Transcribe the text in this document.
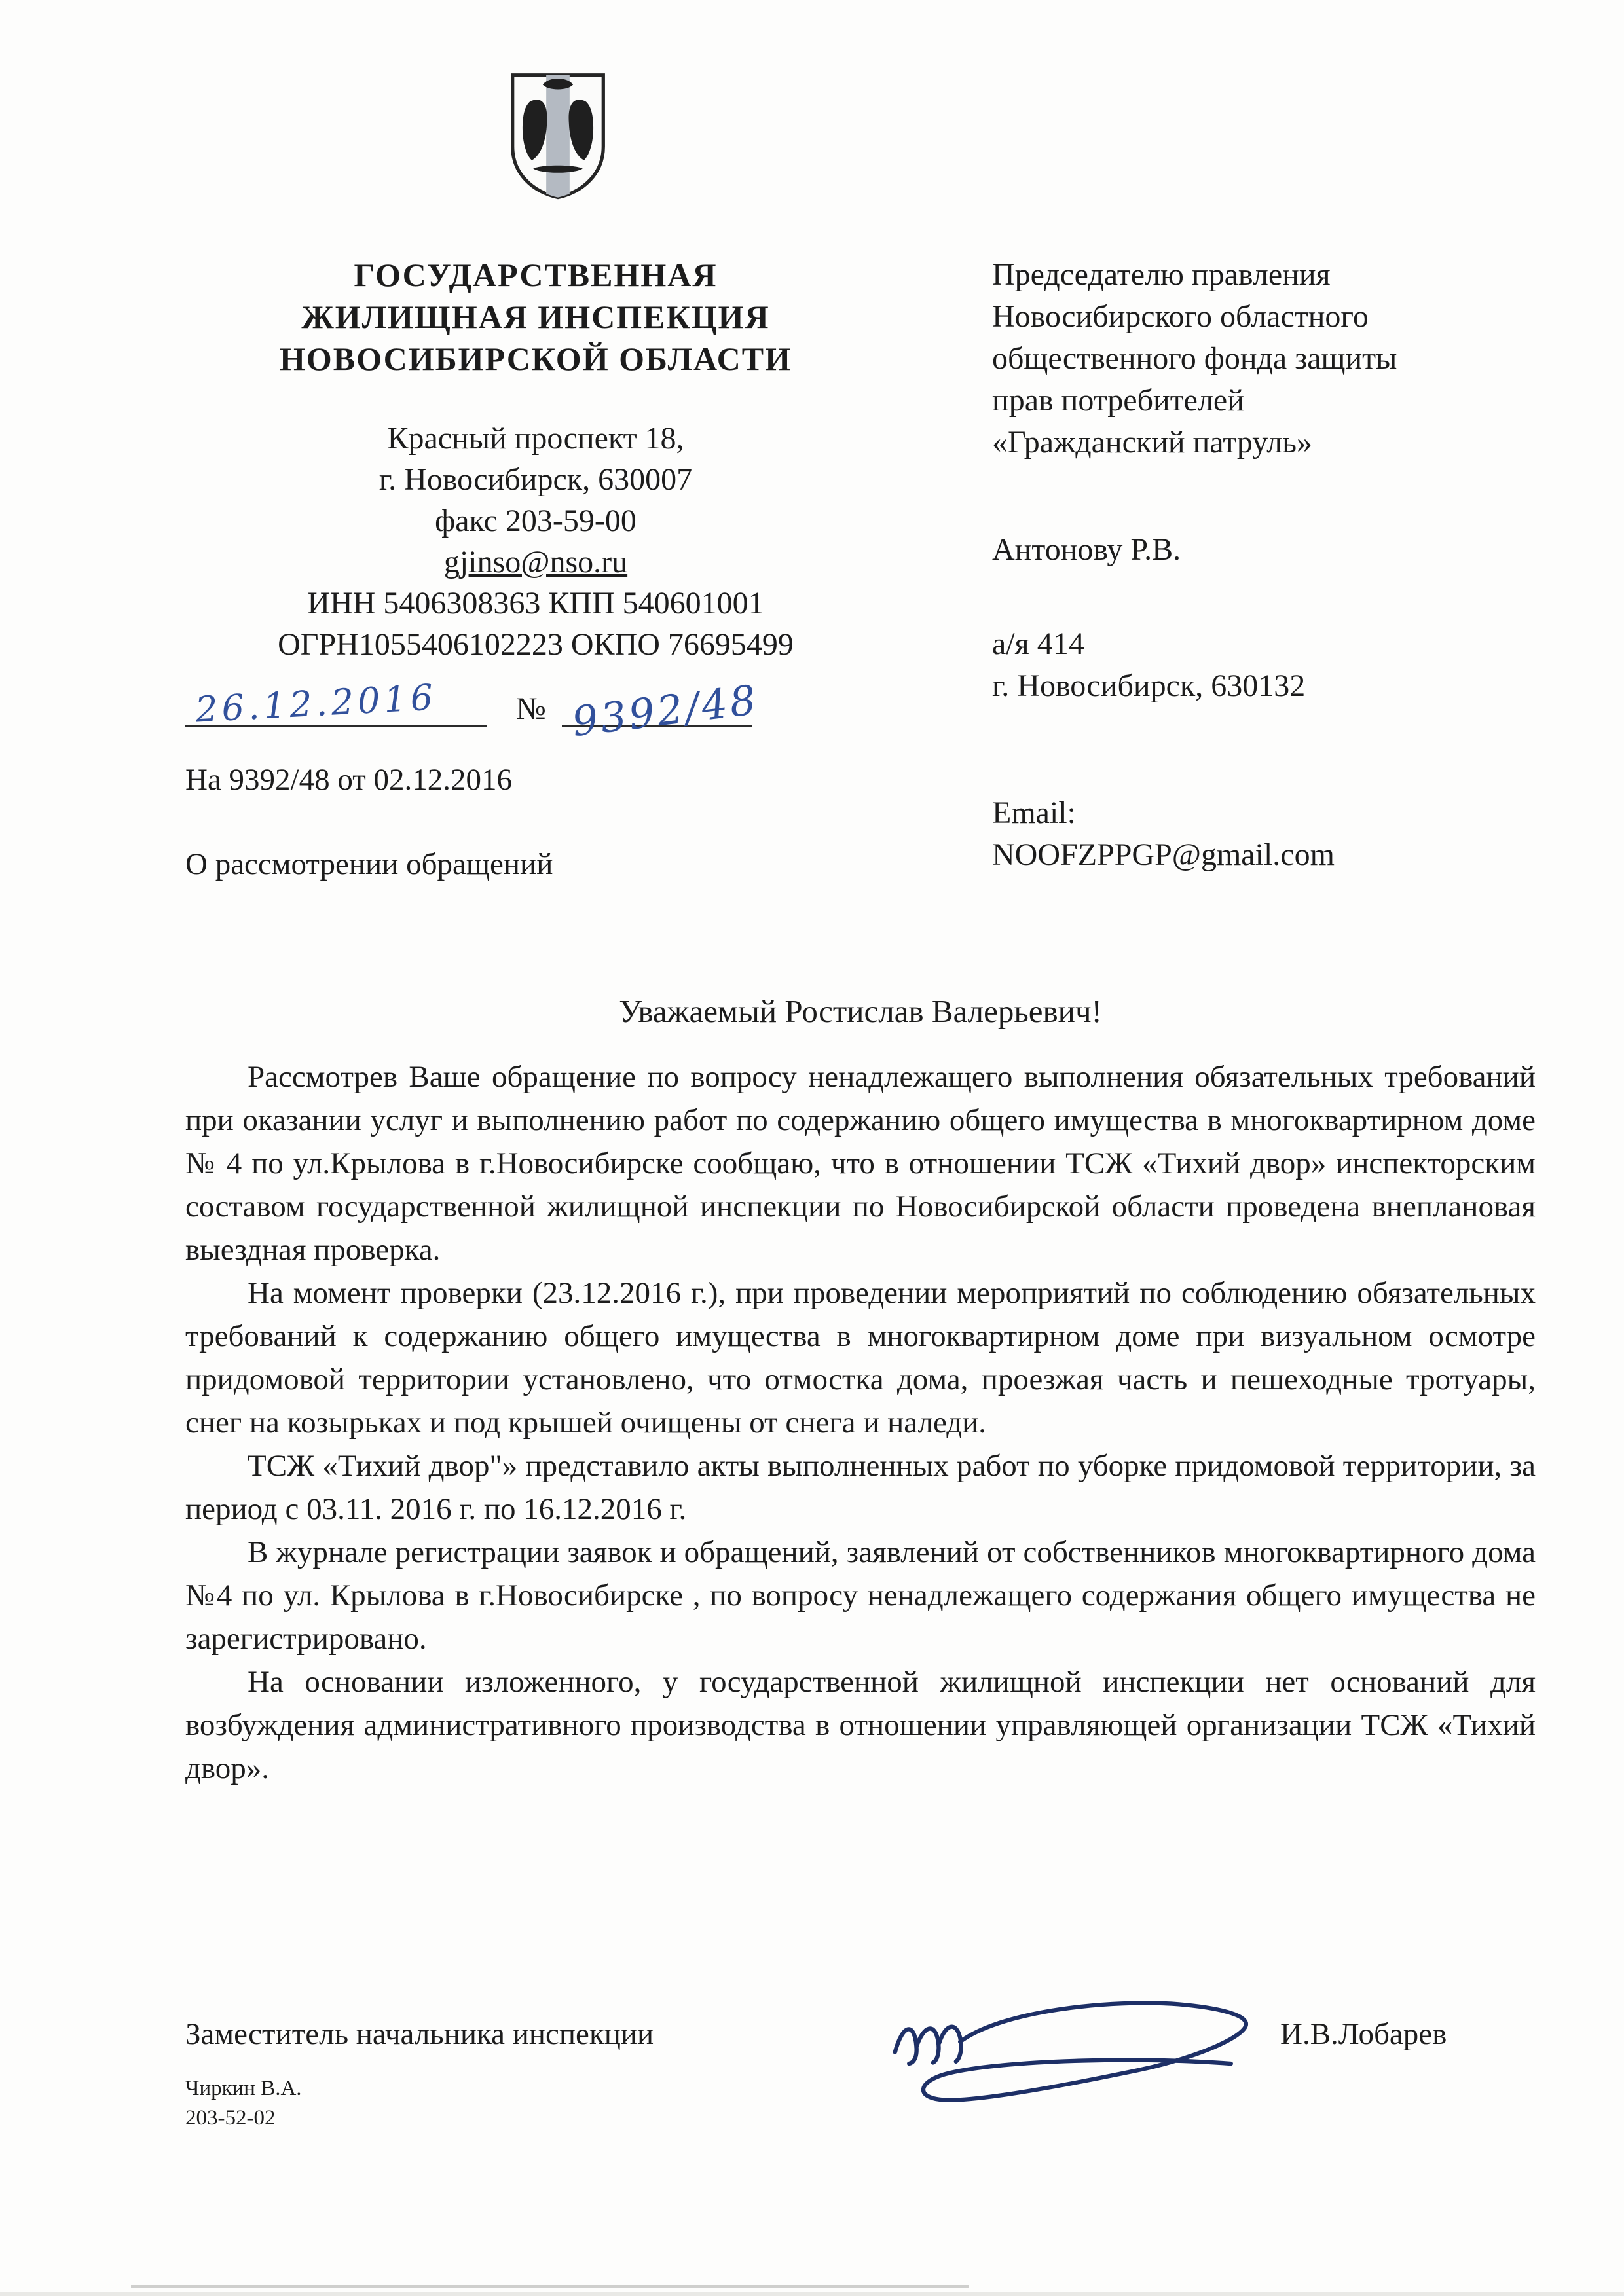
ГОСУДАРСТВЕННАЯ
ЖИЛИЩНАЯ ИНСПЕКЦИЯ
НОВОСИБИРСКОЙ ОБЛАСТИ
Красный проспект 18,
г. Новосибирск, 630007
факс 203-59-00
gjinso@nso.ru
ИНН 5406308363 КПП 540601001
ОГРН1055406102223 ОКПО 76695499
26.12.2016 № 9392/48
На 9392/48 от 02.12.2016
О рассмотрении обращений
Председателю правления
Новосибирского областного
общественного фонда защиты
прав потребителей
«Гражданский патруль»
Антонову Р.В.
а/я 414
г. Новосибирск, 630132
Email:
NOOFZPPGP@gmail.com
Уважаемый Ростислав Валерьевич!

Рассмотрев Ваше обращение по вопросу ненадлежащего выполнения обязательных требований при оказании услуг и выполнению работ по содержанию общего имущества в многоквартирном доме № 4 по ул.Крылова в г.Новосибирске сообщаю, что в отношении ТСЖ «Тихий двор» инспекторским составом государственной жилищной инспекции по Новосибирской области проведена внеплановая выездная проверка.

На момент проверки (23.12.2016 г.), при проведении мероприятий по соблюдению обязательных требований к содержанию общего имущества в многоквартирном доме при визуальном осмотре придомовой территории установлено, что отмостка дома, проезжая часть и пешеходные тротуары, снег на козырьках и под крышей очищены от снега и наледи.

ТСЖ «Тихий двор"» представило акты выполненных работ по уборке придомовой территории, за период с 03.11. 2016 г. по 16.12.2016 г.

В журнале регистрации заявок и обращений, заявлений от собственников многоквартирного дома №4 по ул. Крылова в г.Новосибирске , по вопросу ненадлежащего содержания общего имущества не зарегистрировано.

На основании изложенного, у государственной жилищной инспекции нет оснований для возбуждения административного производства в отношении управляющей организации ТСЖ «Тихий двор».

Заместитель начальника инспекции	И.В.Лобарев
Чиркин В.А.
203-52-02
